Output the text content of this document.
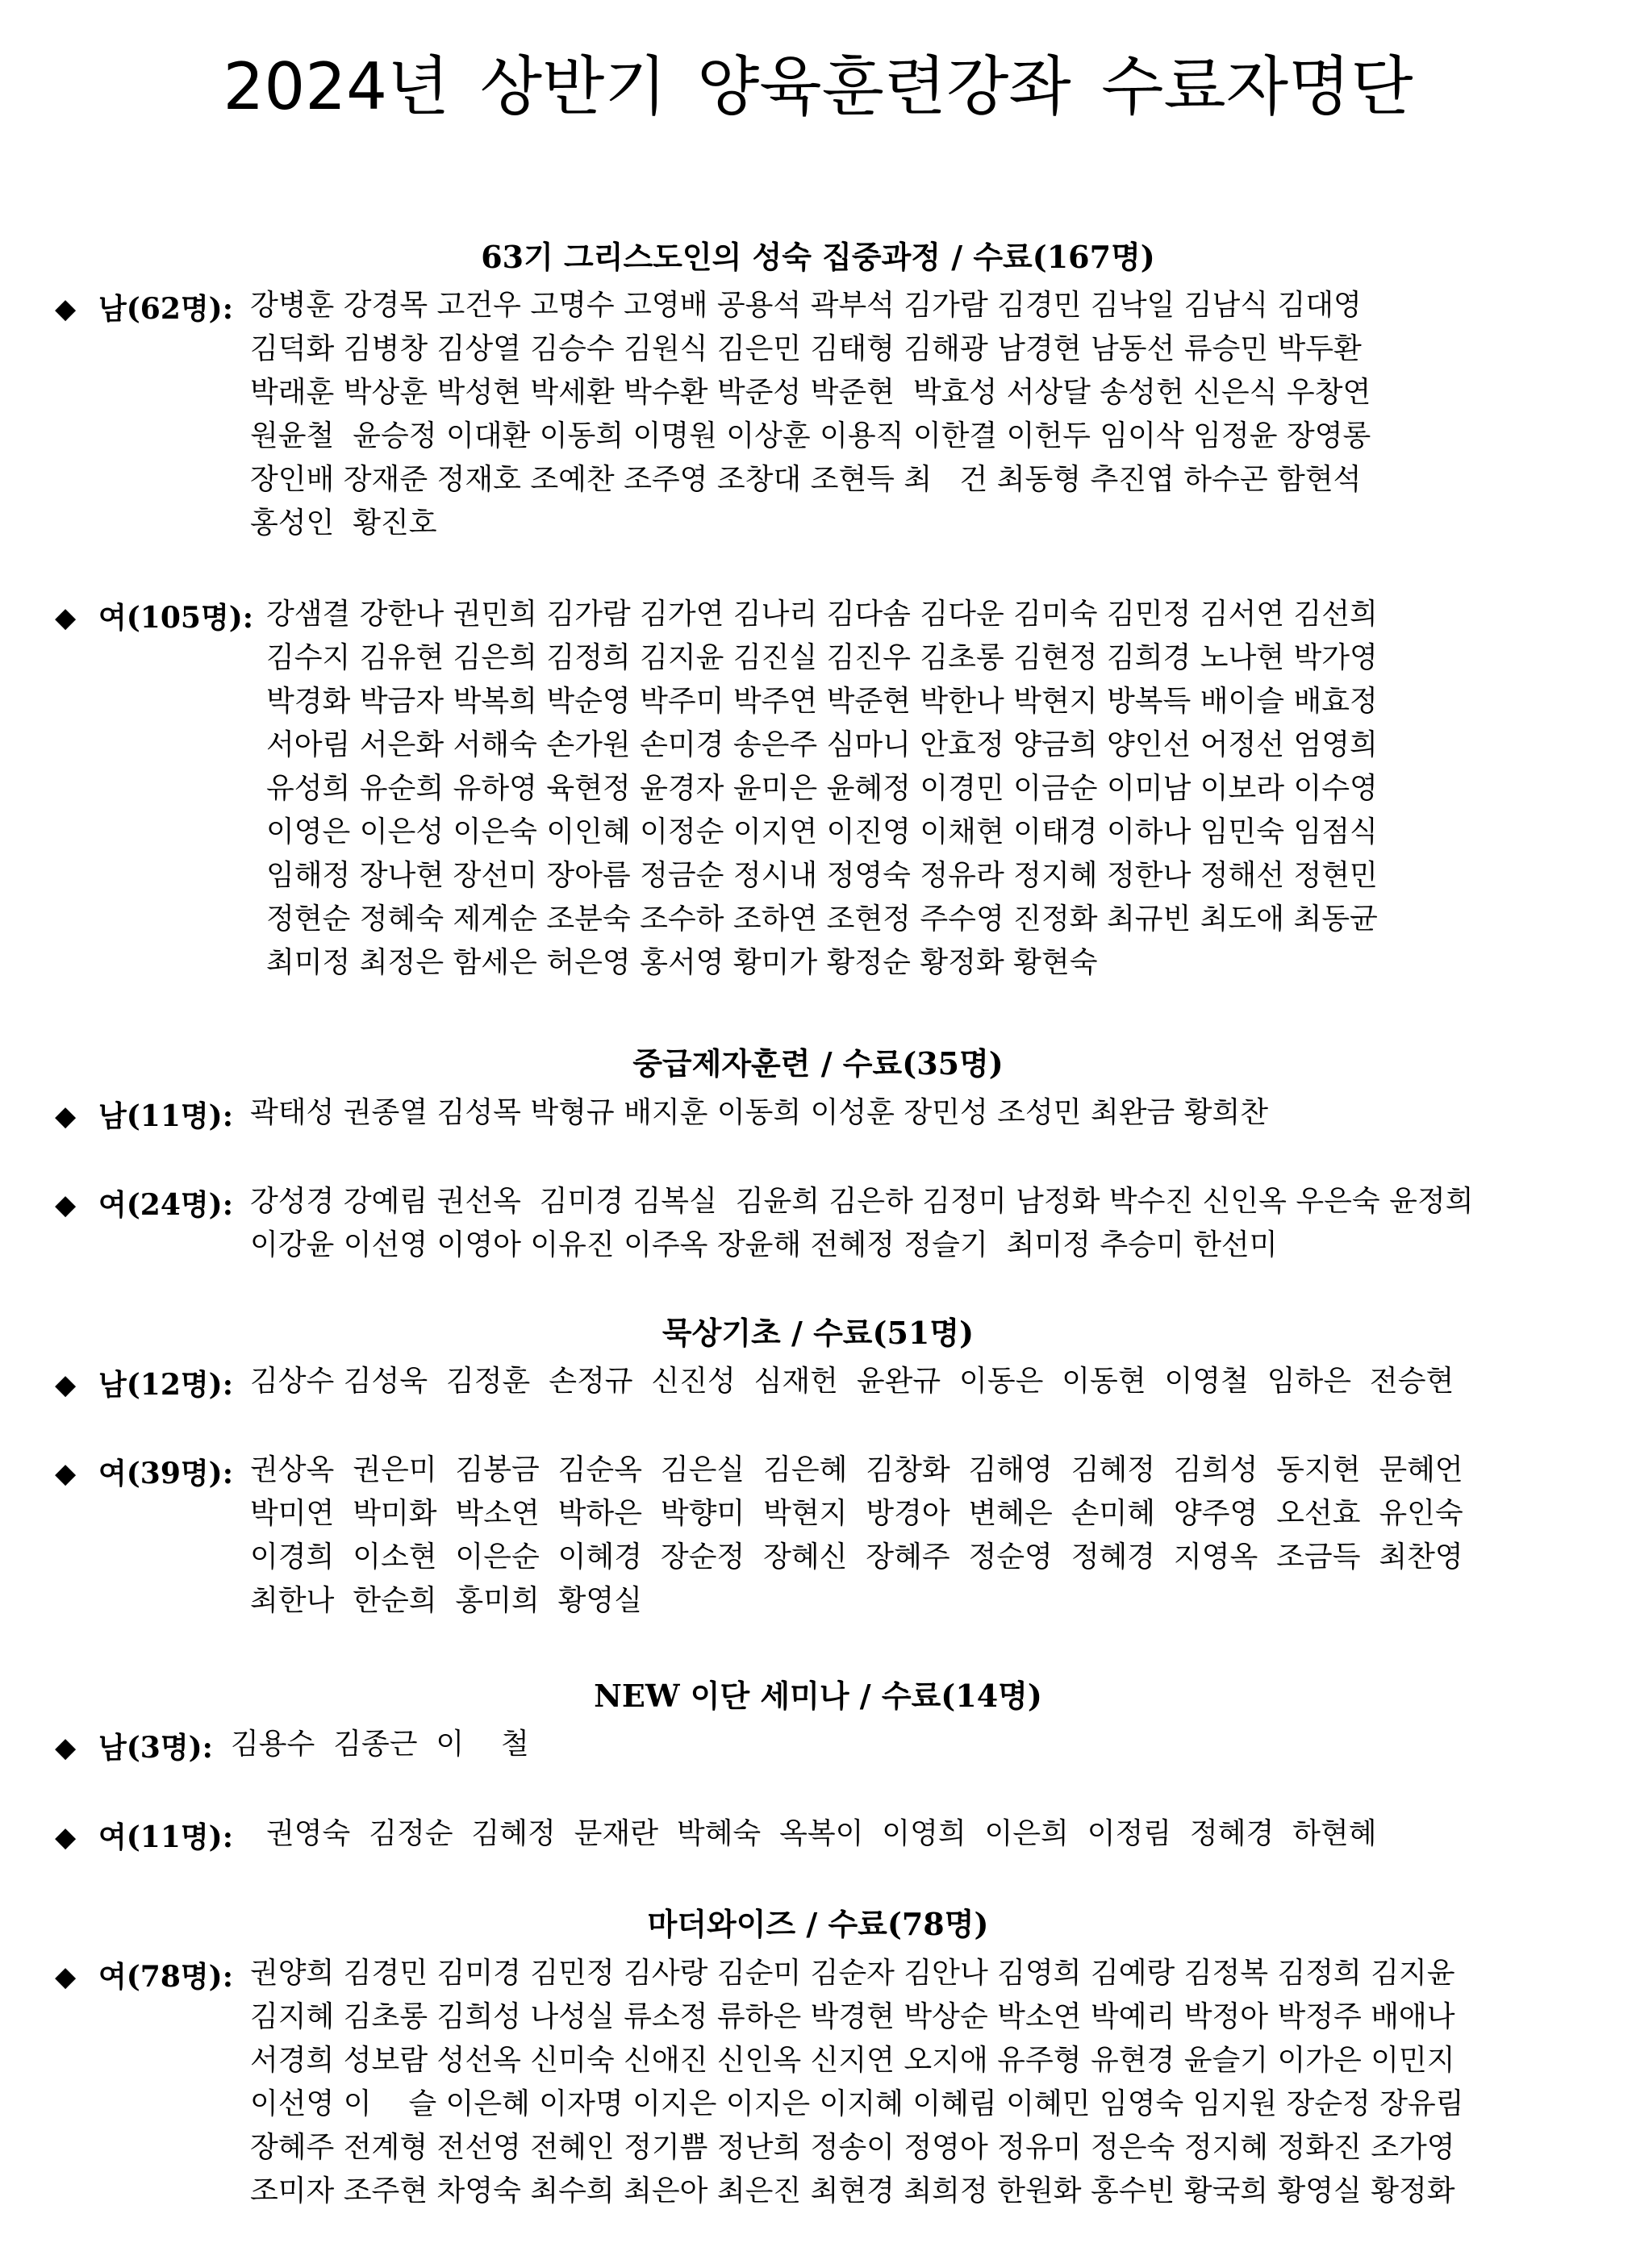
2024년 상반기 양육훈련강좌 수료자명단
63기 그리스도인의 성숙 집중과정 / 수료(167명)
◆ 남(62명): 강병훈 강경목 고건우 고명수 고영배 공용석 곽부석 김가람 김경민 김낙일 김남식 김대영
김덕화 김병창 김상열 김승수 김원식 김은민 김태형 김해광 남경현 남동선 류승민 박두환
박래훈 박상훈 박성현 박세환 박수환 박준성 박준현  박효성 서상달 송성헌 신은식 우창연
원윤철  윤승정 이대환 이동희 이명원 이상훈 이용직 이한결 이헌두 임이삭 임정윤 장영롱
장인배 장재준 정재호 조예찬 조주영 조창대 조현득 최   건 최동형 추진엽 하수곤 함현석
홍성인  황진호
◆ 여(105명): 강샘결 강한나 권민희 김가람 김가연 김나리 김다솜 김다운 김미숙 김민정 김서연 김선희
김수지 김유현 김은희 김정희 김지윤 김진실 김진우 김초롱 김현정 김희경 노나현 박가영
박경화 박금자 박복희 박순영 박주미 박주연 박준현 박한나 박현지 방복득 배이슬 배효정
서아림 서은화 서해숙 손가원 손미경 송은주 심마니 안효정 양금희 양인선 어정선 엄영희
유성희 유순희 유하영 육현정 윤경자 윤미은 윤혜정 이경민 이금순 이미남 이보라 이수영
이영은 이은성 이은숙 이인혜 이정순 이지연 이진영 이채현 이태경 이하나 임민숙 임점식
임해정 장나현 장선미 장아름 정금순 정시내 정영숙 정유라 정지혜 정한나 정해선 정현민
정현순 정혜숙 제계순 조분숙 조수하 조하연 조현정 주수영 진정화 최규빈 최도애 최동균
최미정 최정은 함세은 허은영 홍서영 황미가 황정순 황정화 황현숙
중급제자훈련 / 수료(35명)
◆ 남(11명): 곽태성 권종열 김성목 박형규 배지훈 이동희 이성훈 장민성 조성민 최완금 황희찬
◆ 여(24명): 강성경 강예림 권선옥  김미경 김복실  김윤희 김은하 김정미 남정화 박수진 신인옥 우은숙 윤정희
이강윤 이선영 이영아 이유진 이주옥 장윤해 전혜정 정슬기  최미정 추승미 한선미
묵상기초 / 수료(51명)
◆ 남(12명): 김상수 김성욱  김정훈  손정규  신진성  심재헌  윤완규  이동은  이동현  이영철  임하은  전승현
◆ 여(39명): 권상옥  권은미  김봉금  김순옥  김은실  김은혜  김창화  김해영  김혜정  김희성  동지현  문혜언
박미연  박미화  박소연  박하은  박향미  박현지  방경아  변혜은  손미혜  양주영  오선효  유인숙
이경희  이소현  이은순  이혜경  장순정  장혜신  장혜주  정순영  정혜경  지영옥  조금득  최찬영
최한나  한순희  홍미희  황영실
NEW 이단 세미나 / 수료(14명)
◆ 남(3명): 김용수  김종근  이    철
◆ 여(11명): 권영숙  김정순  김혜정  문재란  박혜숙  옥복이  이영희  이은희  이정림  정혜경  하현혜
마더와이즈 / 수료(78명)
◆ 여(78명): 권양희 김경민 김미경 김민정 김사랑 김순미 김순자 김안나 김영희 김예랑 김정복 김정희 김지윤
김지혜 김초롱 김희성 나성실 류소정 류하은 박경현 박상순 박소연 박예리 박정아 박정주 배애나
서경희 성보람 성선옥 신미숙 신애진 신인옥 신지연 오지애 유주형 유현경 윤슬기 이가은 이민지
이선영 이    슬 이은혜 이자명 이지은 이지은 이지혜 이혜림 이혜민 임영숙 임지원 장순정 장유림
장혜주 전계형 전선영 전혜인 정기쁨 정난희 정송이 정영아 정유미 정은숙 정지혜 정화진 조가영
조미자 조주현 차영숙 최수희 최은아 최은진 최현경 최희정 한원화 홍수빈 황국희 황영실 황정화
